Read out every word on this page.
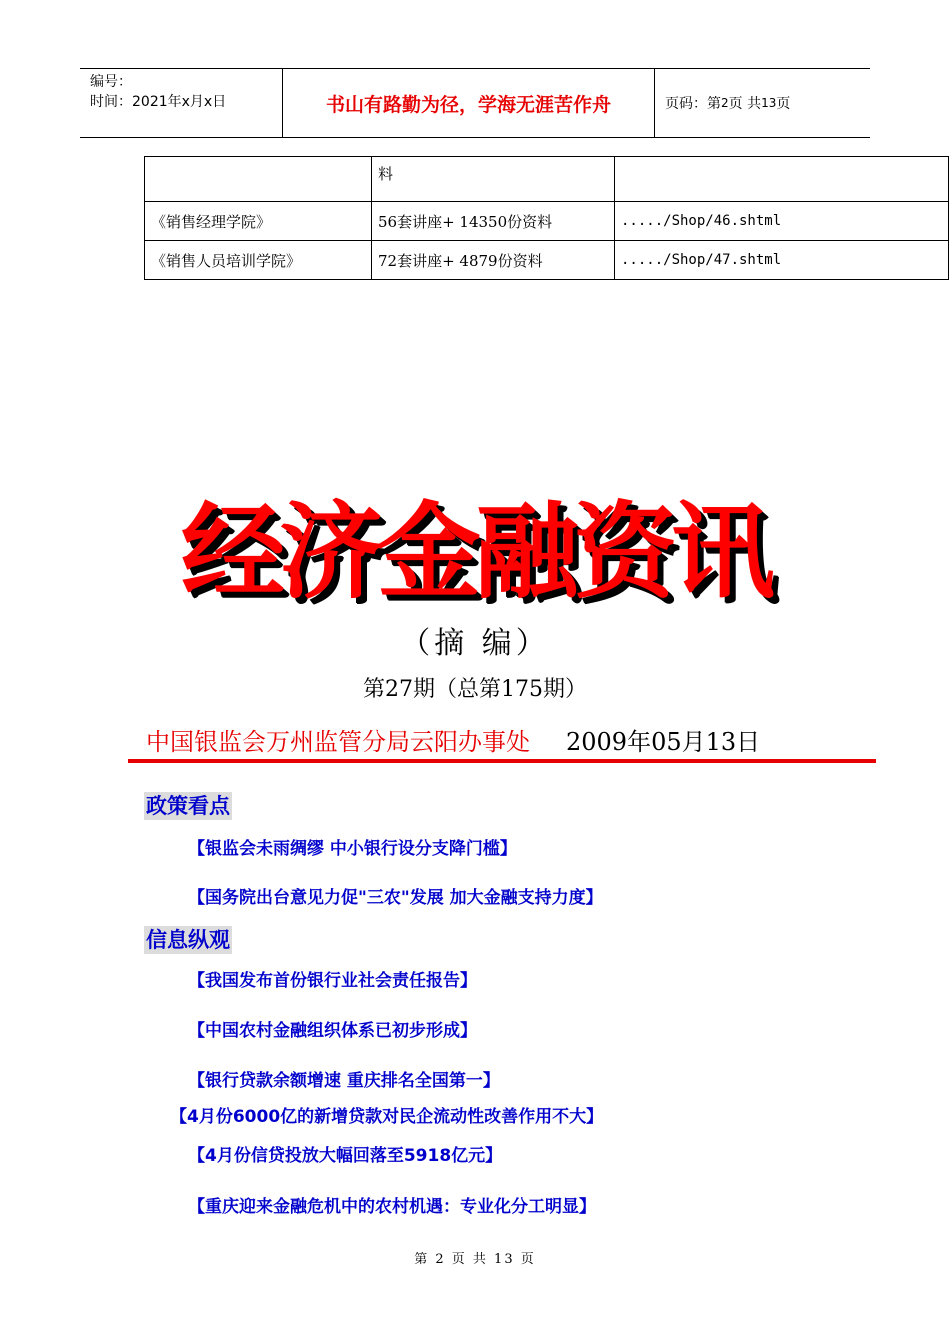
编号：
时间：2021年x月x日	书山有路勤为径，学海无涯苦作舟	页码：第 2 页 共 13 页
	料	
《销售经理学院》	56套讲座+ 14350份资料	...../Shop/46.shtml
《销售人员培训学院》	72套讲座+ 4879份资料	...../Shop/47.shtml
经济金融资讯
（摘 编）
第27期（总第175期）
中国银监会万州监管分局云阳办事处 2009年05月13日
政策看点
【银监会未雨绸缪 中小银行设分支降门槛】
【国务院出台意见力促"三农"发展 加大金融支持力度】
信息纵观
【我国发布首份银行业社会责任报告】
【中国农村金融组织体系已初步形成】
【银行贷款余额增速 重庆排名全国第一】
【4月份6000亿的新增贷款对民企流动性改善作用不大】
【4月份信贷投放大幅回落至5918亿元】
【重庆迎来金融危机中的农村机遇：专业化分工明显】
第 2 页 共 13 页
